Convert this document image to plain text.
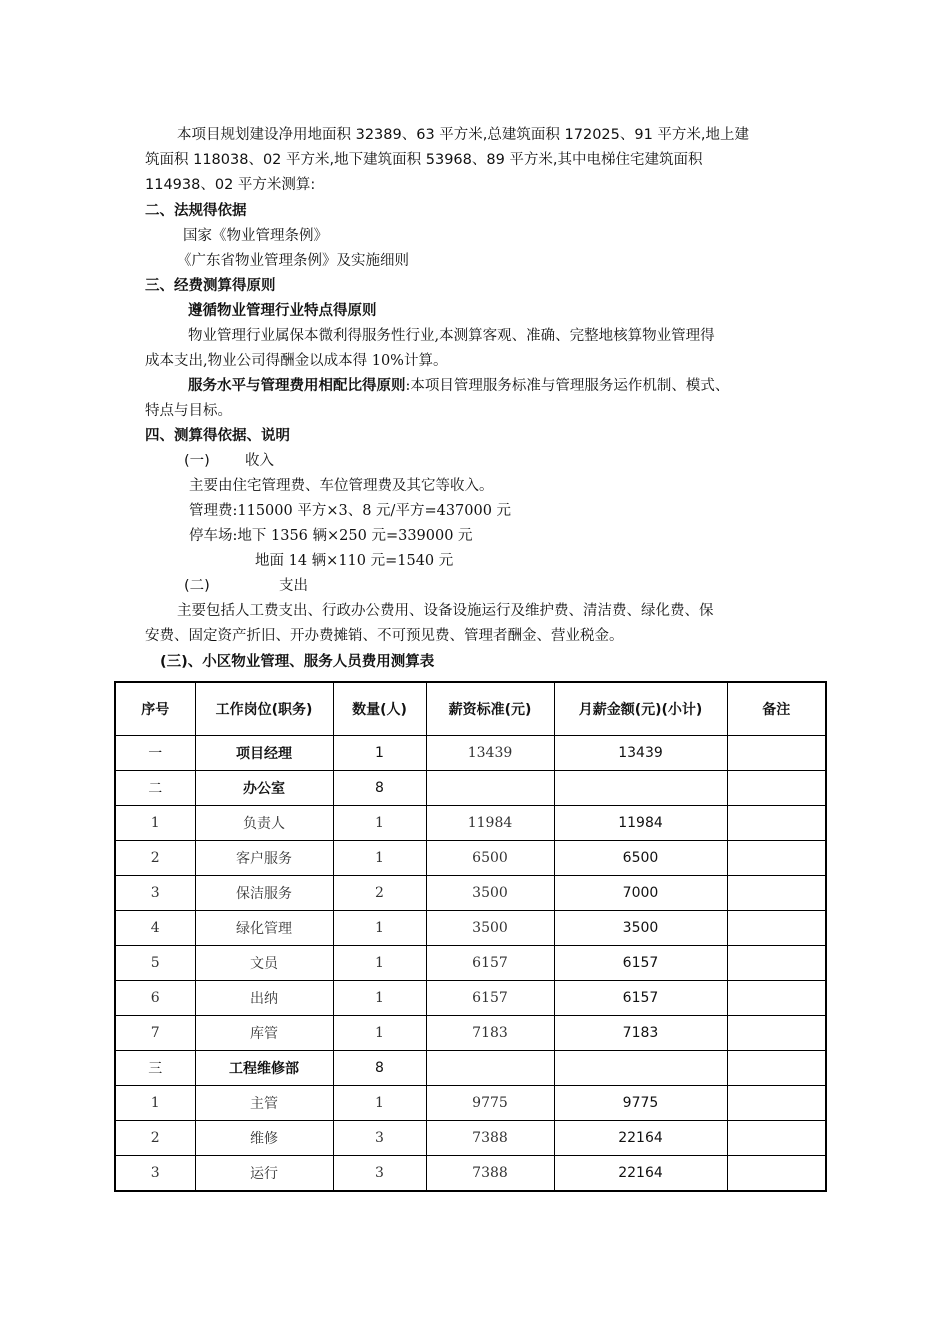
本项目规划建设净用地面积 32389、63 平方米,总建筑面积 172025、91 平方米,地上建
筑面积 118038、02 平方米,地下建筑面积 53968、89 平方米,其中电梯住宅建筑面积
114938、02 平方米测算:
二、法规得依据
国家《物业管理条例》
《广东省物业管理条例》及实施细则
三、经费测算得原则
遵循物业管理行业特点得原则
物业管理行业属保本微利得服务性行业,本测算客观、准确、完整地核算物业管理得
成本支出,物业公司得酬金以成本得 10%计算。
服务水平与管理费用相配比得原则:本项目管理服务标准与管理服务运作机制、模式、
特点与目标。
四、测算得依据、说明
(一) 收入
主要由住宅管理费、车位管理费及其它等收入。
管理费:115000 平方×3、8 元/平方=437000 元
停车场:地下 1356 辆×250 元=339000 元
地面 14 辆×110 元=1540 元
(二)	支出
主要包括人工费支出、行政办公费用、设备设施运行及维护费、清洁费、绿化费、保
安费、固定资产折旧、开办费摊销、不可预见费、管理者酬金、营业税金。
(三)、小区物业管理、服务人员费用测算表
序号	工作岗位(职务)	数量(人)	薪资标准(元)	月薪金额(元)(小计)	备注
一	项目经理	1	13439	13439	
二	办公室	8			
1	负责人	1	11984	11984	
2	客户服务	1	6500	6500	
3	保洁服务	2	3500	7000	
4	绿化管理	1	3500	3500	
5	文员	1	6157	6157	
6	出纳	1	6157	6157	
7	库管	1	7183	7183	
三	工程维修部	8			
1	主管	1	9775	9775	
2	维修	3	7388	22164	
3	运行	3	7388	22164	
